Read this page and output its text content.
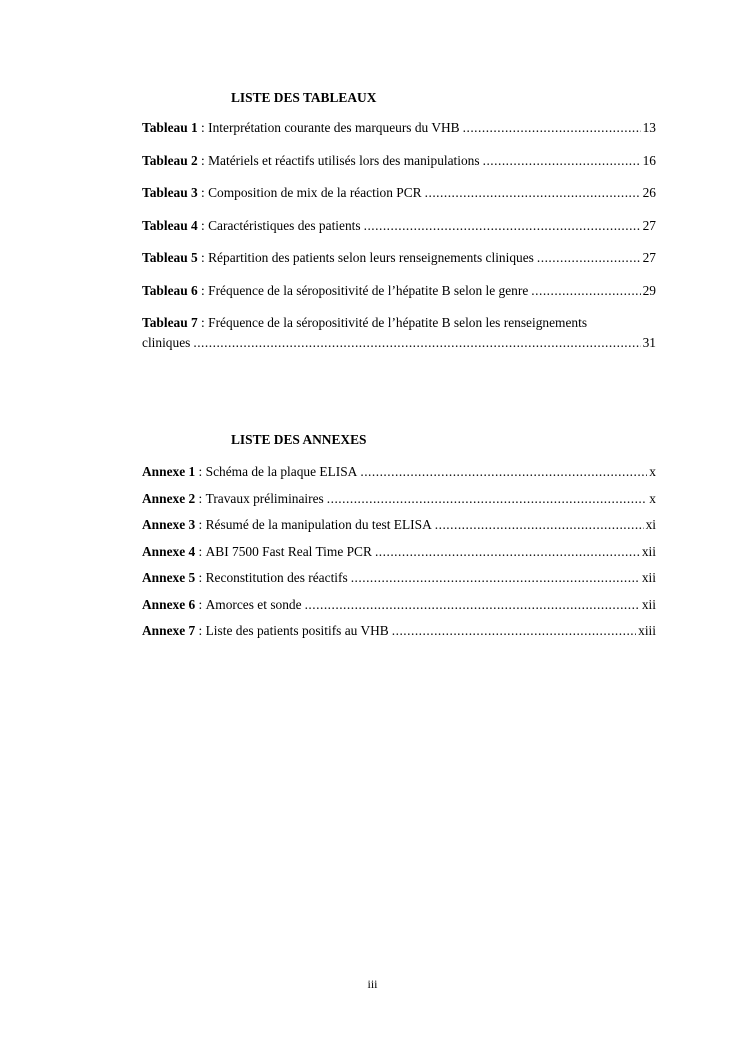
LISTE DES TABLEAUX
Tableau 1 : Interprétation courante des marqueurs du VHB .....	13
Tableau 2 : Matériels et réactifs utilisés lors des manipulations .....	16
Tableau 3 : Composition de mix de la réaction PCR .....	26
Tableau 4 : Caractéristiques des patients .....	27
Tableau 5 : Répartition des patients selon leurs renseignements cliniques .....	27
Tableau 6 : Fréquence de la séropositivité de l’hépatite B selon le genre .....	29
Tableau 7 : Fréquence de la séropositivité de l’hépatite B selon les renseignements
cliniques .....	31
LISTE DES ANNEXES
Annexe 1 : Schéma de la plaque ELISA .....	x
Annexe 2 : Travaux préliminaires .....	x
Annexe 3 : Résumé de la manipulation du test ELISA .....	xi
Annexe 4 : ABI 7500 Fast Real Time PCR .....	xii
Annexe 5 : Reconstitution des réactifs .....	xii
Annexe 6 : Amorces et sonde .....	xii
Annexe 7 : Liste des patients positifs au VHB .....	xiii
iii
